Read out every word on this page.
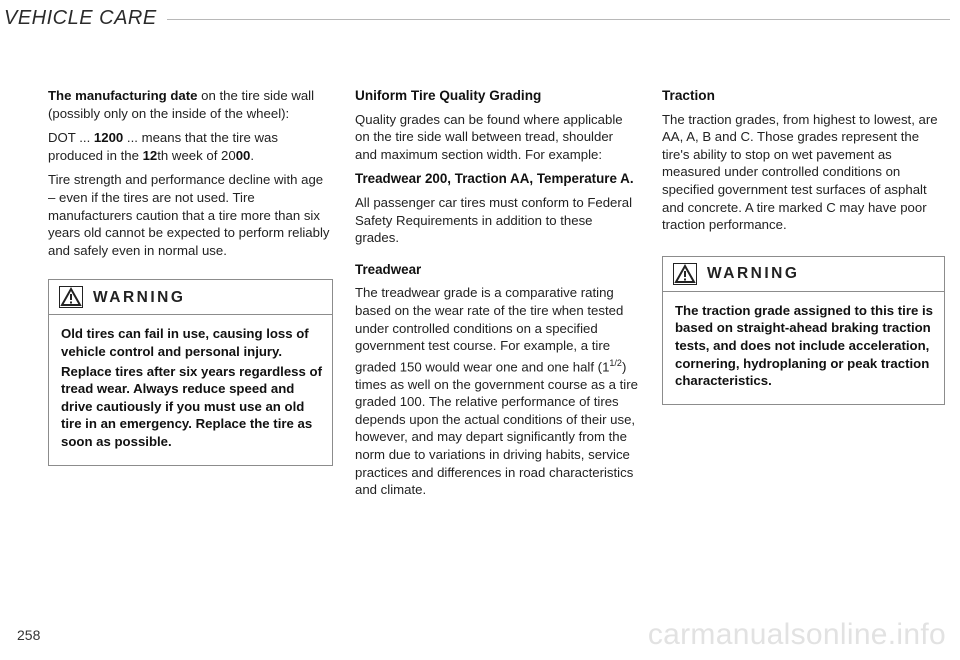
VEHICLE CARE

The manufacturing date on the tire side wall (possibly only on the inside of the wheel):

DOT ... 1200 ... means that the tire was produced in the 12th week of 2000.

Tire strength and performance decline with age – even if the tires are not used. Tire manufacturers caution that a tire more than six years old cannot be expected to perform reliably and safely even in normal use.

WARNING

Old tires can fail in use, causing loss of vehicle control and personal injury.

Replace tires after six years regardless of tread wear. Always reduce speed and drive cautiously if you must use an old tire in an emergency. Replace the tire as soon as possible.

Uniform Tire Quality Grading

Quality grades can be found where applicable on the tire side wall between tread, shoulder and maximum section width. For example:

Treadwear 200, Traction AA, Temperature A.

All passenger car tires must conform to Federal Safety Requirements in addition to these grades.

Treadwear

The treadwear grade is a comparative rating based on the wear rate of the tire when tested under controlled conditions on a specified government test course. For example, a tire graded 150 would wear one and one half $(1^{1/2})$ times as well on the government course as a tire graded 100. The relative performance of tires depends upon the actual conditions of their use, however, and may depart significantly from the norm due to variations in driving habits, service practices and differences in road characteristics and climate.

Traction

The traction grades, from highest to lowest, are AA, A, B and C. Those grades represent the tire's ability to stop on wet pavement as measured under controlled conditions on specified government test surfaces of asphalt and concrete. A tire marked C may have poor traction performance.

WARNING

The traction grade assigned to this tire is based on straight-ahead braking traction tests, and does not include acceleration, cornering, hydroplaning or peak traction characteristics.

258	carmanualsonline.info
